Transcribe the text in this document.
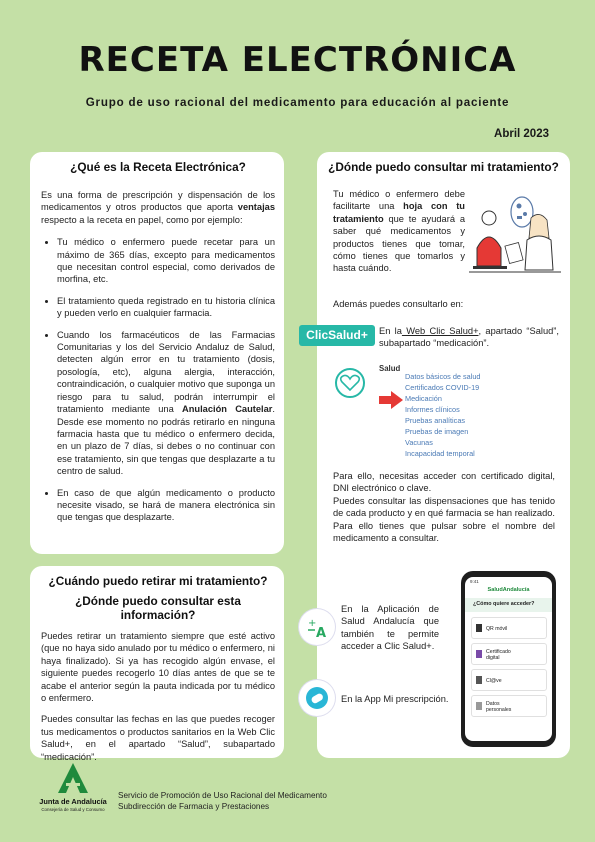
RECETA ELECTRÓNICA
Grupo de uso racional del medicamento para educación al paciente
Abril 2023
¿Qué es la Receta Electrónica?

Es una forma de prescripción y dispensación de los medicamentos y otros productos que aporta ventajas respecto a la receta en papel, como por ejemplo:

• Tu médico o enfermero puede recetar para un máximo de 365 días, excepto para medicamentos que necesitan control especial, como derivados de morfina, etc.
• El tratamiento queda registrado en tu historia clínica y pueden verlo en cualquier farmacia.
• Cuando los farmacéuticos de las Farmacias Comunitarias y los del Servicio Andaluz de Salud, detecten algún error en tu tratamiento (dosis, posología, etc), alguna alergia, interacción, contraindicación, o cualquier motivo que suponga un riesgo para tu salud, podrán interrumpir el tratamiento mediante una Anulación Cautelar. Desde ese momento no podrás retirarlo en ninguna farmacia hasta que tu médico o enfermero decida, en un plazo de 7 días, si debes o no continuar con ese tratamiento, sin que tengas que desplazarte a tu centro de salud.
• En caso de que algún medicamento o producto necesite visado, se hará de manera electrónica sin que tengas que desplazarte.
¿Cuándo puedo retirar mi tratamiento?
¿Dónde puedo consultar esta información?

Puedes retirar un tratamiento siempre que esté activo (que no haya sido anulado por tu médico o enfermero, ni haya finalizado). Si ya has recogido algún envase, el siguiente puedes recogerlo 10 días antes de que se te acabe el anterior según la pauta indicada por tu médico o enfermero.

Puedes consultar las fechas en las que puedes recoger tus medicamentos o productos sanitarios en la Web Clic Salud+, en el apartado “Salud”, subapartado “medicación”.

¿Dónde puedo consultar mi tratamiento?

Tu médico o enfermero debe facilitarte una hoja con tu tratamiento que te ayudará a saber qué medicamentos y productos tienes que tomar, cómo tienes que tomarlos y hasta cuándo.

Además puedes consultarlo en:

En la Web Clic Salud+, apartado “Salud”, subapartado “medicación”.

Salud
Datos básicos de salud
Certificados COVID-19
Medicación
Informes clínicos
Pruebas analíticas
Pruebas de imagen
Vacunas
Incapacidad temporal

Para ello, necesitas acceder con certificado digital, DNI electrónico o clave.

Puedes consultar las dispensaciones que has tenido de cada producto y en qué farmacia se han realizado. Para ello tienes que pulsar sobre el nombre del medicamento a consultar.

En la Aplicación de Salud Andalucía que también te permite acceder a Clic Salud+.

En la App Mi prescripción.

ClicSalud+
+
A
9:41
SaludAndalucía
¿Cómo quiere acceder?
QR móvil
Certificado digital
Cl@ve
Datos personales
Junta de Andalucía
Consejería de Salud y Consumo
Servicio de Promoción de Uso Racional del Medicamento
Subdirección de Farmacia y Prestaciones
